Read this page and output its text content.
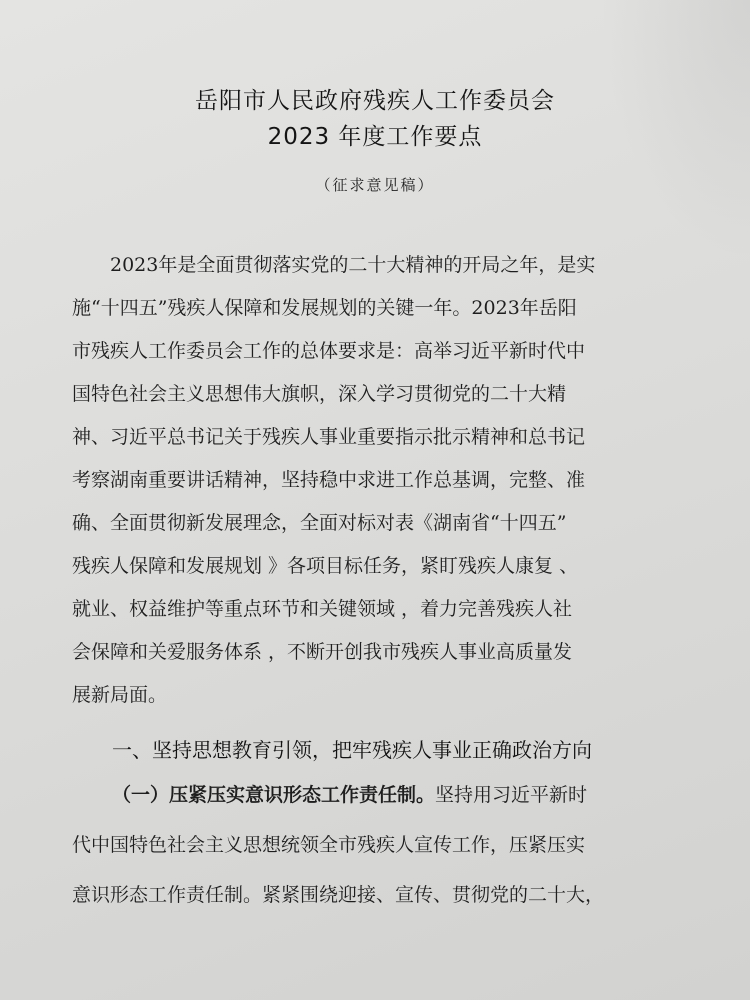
岳阳市人民政府残疾人工作委员会
2023 年度工作要点
（征求意见稿）
2023年是全面贯彻落实党的二十大精神的开局之年，是实
施“十四五”残疾人保障和发展规划的关键一年。2023年岳阳
市残疾人工作委员会工作的总体要求是：高举习近平新时代中
国特色社会主义思想伟大旗帜，深入学习贯彻党的二十大精
神、习近平总书记关于残疾人事业重要指示批示精神和总书记
考察湖南重要讲话精神，坚持稳中求进工作总基调，完整、准
确、全面贯彻新发展理念，全面对标对表《湖南省“十四五”
残疾人保障和发展规划 》各项目标任务，紧盯残疾人康复 、
就业、权益维护等重点环节和关键领域 ，着力完善残疾人社
会保障和关爱服务体系 ，不断开创我市残疾人事业高质量发
展新局面。
一、坚持思想教育引领，把牢残疾人事业正确政治方向
（一）压紧压实意识形态工作责任制。坚持用习近平新时
代中国特色社会主义思想统领全市残疾人宣传工作，压紧压实
意识形态工作责任制。紧紧围绕迎接、宣传、贯彻党的二十大，
